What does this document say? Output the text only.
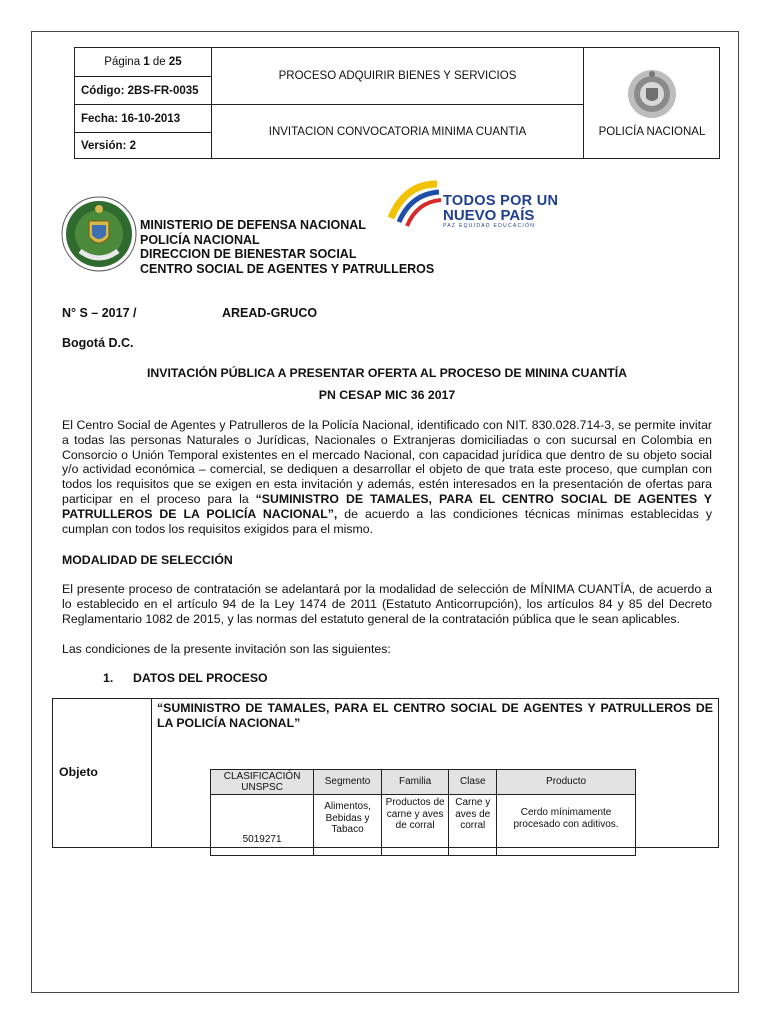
Página 1 de 25
Código: 2BS-FR-0035
Fecha: 16-10-2013
Versión: 2
PROCESO ADQUIRIR BIENES Y SERVICIOS
INVITACION CONVOCATORIA MINIMA CUANTIA	POLICÍA NACIONAL
TODOS POR UN
NUEVO PAÍS
PAZ EQUIDAD EDUCACIÓN
MINISTERIO DE DEFENSA NACIONAL
POLICÍA NACIONAL
DIRECCION DE BIENESTAR SOCIAL
CENTRO SOCIAL DE AGENTES Y PATRULLEROS
N° S – 2017 /	AREAD-GRUCO
Bogotá D.C.
INVITACIÓN PÚBLICA A PRESENTAR OFERTA AL PROCESO DE MININA CUANTÍA
PN CESAP MIC 36 2017
El Centro Social de Agentes y Patrulleros de la Policía Nacional, identificado con NIT. 830.028.714-3, se permite invitar a todas las personas Naturales o Jurídicas, Nacionales o Extranjeras domiciliadas o con sucursal en Colombia en Consorcio o Unión Temporal existentes en el mercado Nacional, con capacidad jurídica que dentro de su objeto social y/o actividad económica – comercial, se dediquen a desarrollar el objeto de que trata este proceso, que cumplan con todos los requisitos que se exigen en esta invitación y además, estén interesados en la presentación de ofertas para participar en el proceso para la “SUMINISTRO DE TAMALES, PARA EL CENTRO SOCIAL DE AGENTES Y PATRULLEROS DE LA POLICÍA NACIONAL”, de acuerdo a las condiciones técnicas mínimas establecidas y cumplan con todos los requisitos exigidos para el mismo.
MODALIDAD DE SELECCIÓN
El presente proceso de contratación se adelantará por la modalidad de selección de MÍNIMA CUANTÍA, de acuerdo a lo establecido en el artículo 94 de la Ley 1474 de 2011 (Estatuto Anticorrupción), los artículos 84 y 85 del Decreto Reglamentario 1082 de 2015, y las normas del estatuto general de la contratación pública que le sean aplicables.
Las condiciones de la presente invitación son las siguientes:
1. DATOS DEL PROCESO
Objeto
“SUMINISTRO DE TAMALES, PARA EL CENTRO SOCIAL DE AGENTES Y PATRULLEROS DE LA POLICÍA NACIONAL”
CLASIFICACIÓN UNSPSC	Segmento	Familia	Clase	Producto
5019271	Alimentos, Bebidas y Tabaco	Productos de carne y aves de corral	Carne y aves de corral	Cerdo mínimamente procesado con aditivos.
